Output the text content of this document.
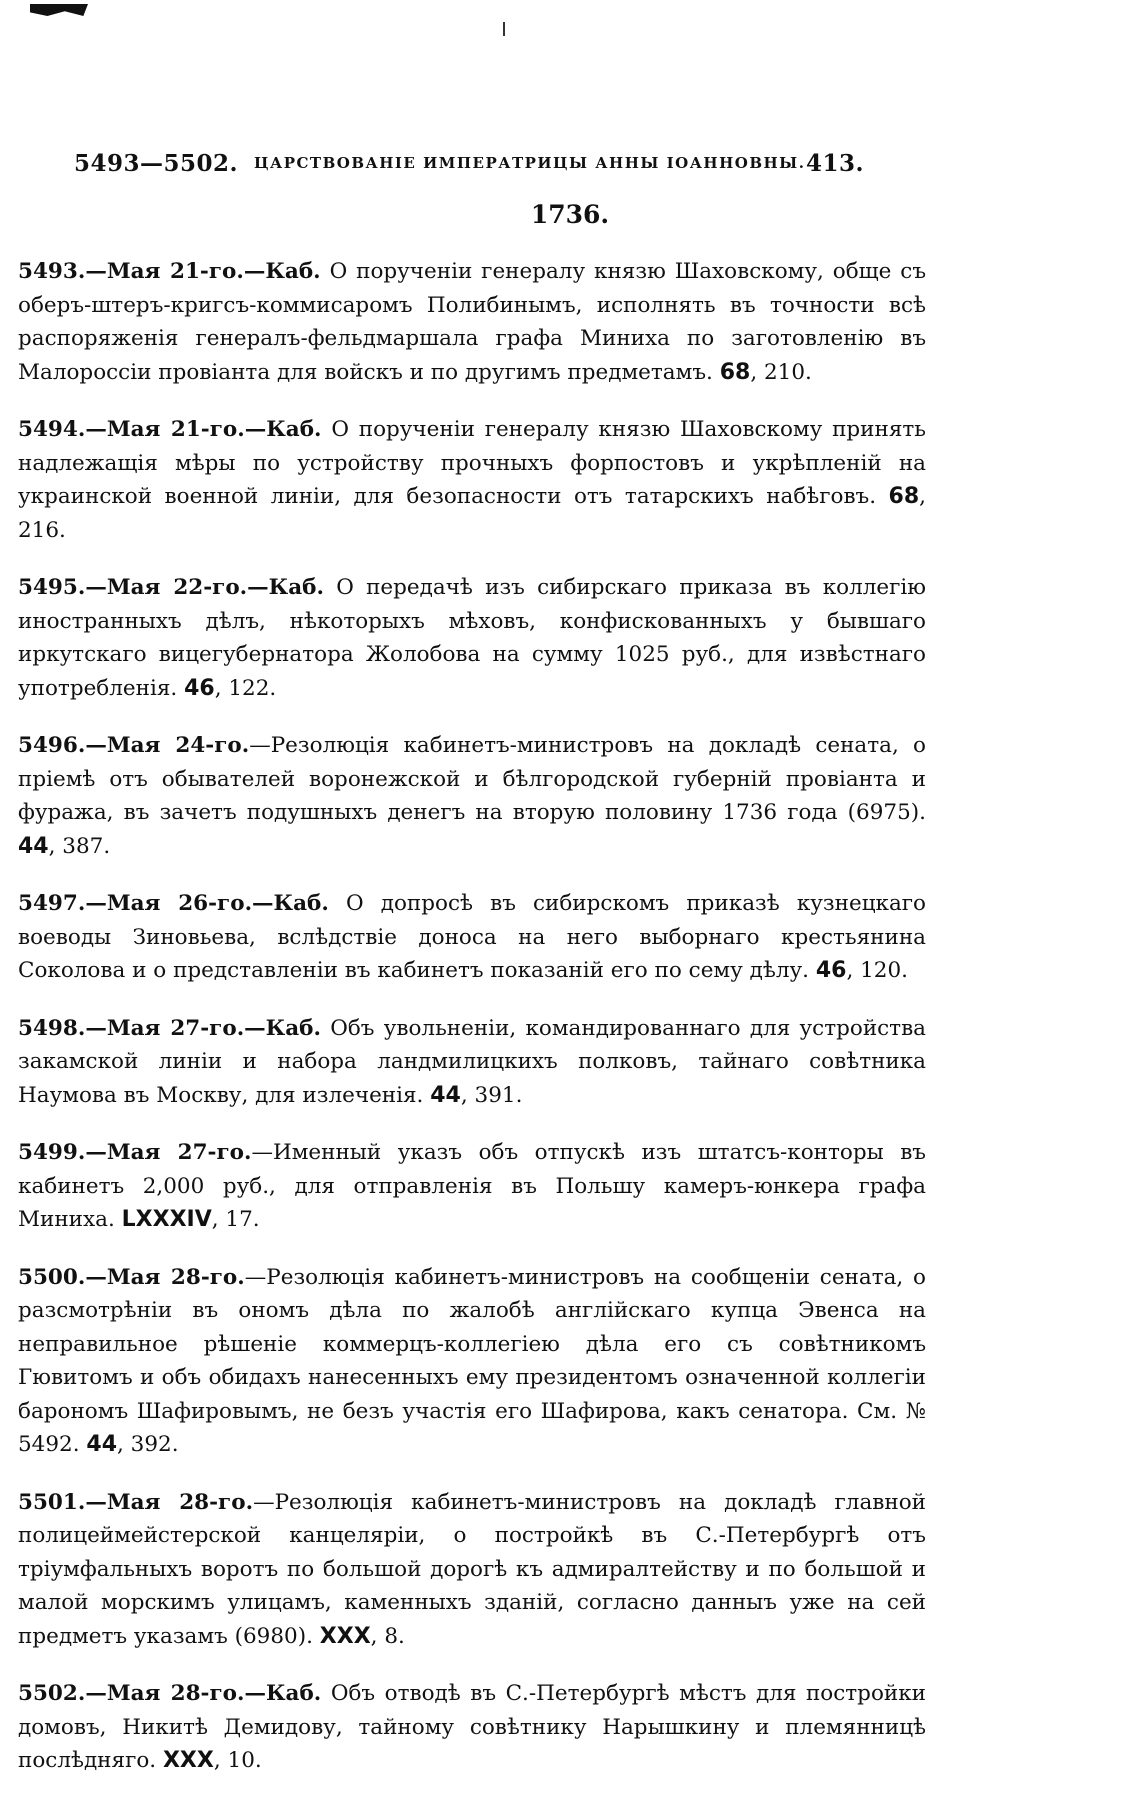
5493—5502. ЦАРСТВОВАНІЕ ИМПЕРАТРИЦЫ АННЫ ІОАННОВНЫ. 413.
1736.

5493.—Мая 21-го.—Каб. О порученіи генералу князю Шаховскому, обще съ оберъ-штеръ-кригсъ-коммисаромъ Полибинымъ, исполнять въ точности всѣ распоряженія генералъ-фельдмаршала графа Миниха по заготовленію въ Малороссіи провіанта для войскъ и по другимъ предметамъ. 68, 210.

5494.—Мая 21-го.—Каб. О порученіи генералу князю Шаховскому принять надлежащія мѣры по устройству прочныхъ форпостовъ и укрѣпленій на украинской военной линіи, для безопасности отъ татарскихъ набѣговъ. 68, 216.

5495.—Мая 22-го.—Каб. О передачѣ изъ сибирскаго приказа въ коллегію иностранныхъ дѣлъ, нѣкоторыхъ мѣховъ, конфискованныхъ у бывшаго иркутскаго вицегубернатора Жолобова на сумму 1025 руб., для извѣстнаго употребленія. 46, 122.

5496.—Мая 24-го.—Резолюція кабинетъ-министровъ на докладѣ сената, о пріемѣ отъ обывателей воронежской и бѣлгородской губерній провіанта и фуража, въ зачетъ подушныхъ денегъ на вторую половину 1736 года (6975). 44, 387.

5497.—Мая 26-го.—Каб. О допросѣ въ сибирскомъ приказѣ кузнецкаго воеводы Зиновьева, вслѣдствіе доноса на него выборнаго крестьянина Соколова и о представленіи въ кабинетъ показаній его по сему дѣлу. 46, 120.

5498.—Мая 27-го.—Каб. Объ увольненіи, командированнаго для устройства закамской линіи и набора ландмилицкихъ полковъ, тайнаго совѣтника Наумова въ Москву, для излеченія. 44, 391.

5499.—Мая 27-го.—Именный указъ объ отпускѣ изъ штатсъ-конторы въ кабинетъ 2,000 руб., для отправленія въ Польшу камеръ-юнкера графа Миниха. LXXXIV, 17.

5500.—Мая 28-го.—Резолюція кабинетъ-министровъ на сообщеніи сената, о разсмотрѣніи въ ономъ дѣла по жалобѣ англійскаго купца Эвенса на неправильное рѣшеніе коммерцъ-коллегіею дѣла его съ совѣтникомъ Гювитомъ и объ обидахъ нанесенныхъ ему президентомъ означенной коллегіи барономъ Шафировымъ, не безъ участія его Шафирова, какъ сенатора. См. № 5492. 44, 392.

5501.—Мая 28-го.—Резолюція кабинетъ-министровъ на докладѣ главной полицеймейстерской канцеляріи, о постройкѣ въ С.-Петербургѣ отъ тріумфальныхъ воротъ по большой дорогѣ къ адмиралтейству и по большой и малой морскимъ улицамъ, каменныхъ зданій, согласно данныъ уже на сей предметъ указамъ (6980). XXX, 8.

5502.—Мая 28-го.—Каб. Объ отводѣ въ С.-Петербургѣ мѣстъ для постройки домовъ, Никитѣ Демидову, тайному совѣтнику Нарышкину и племянницѣ послѣдняго. XXX, 10.
